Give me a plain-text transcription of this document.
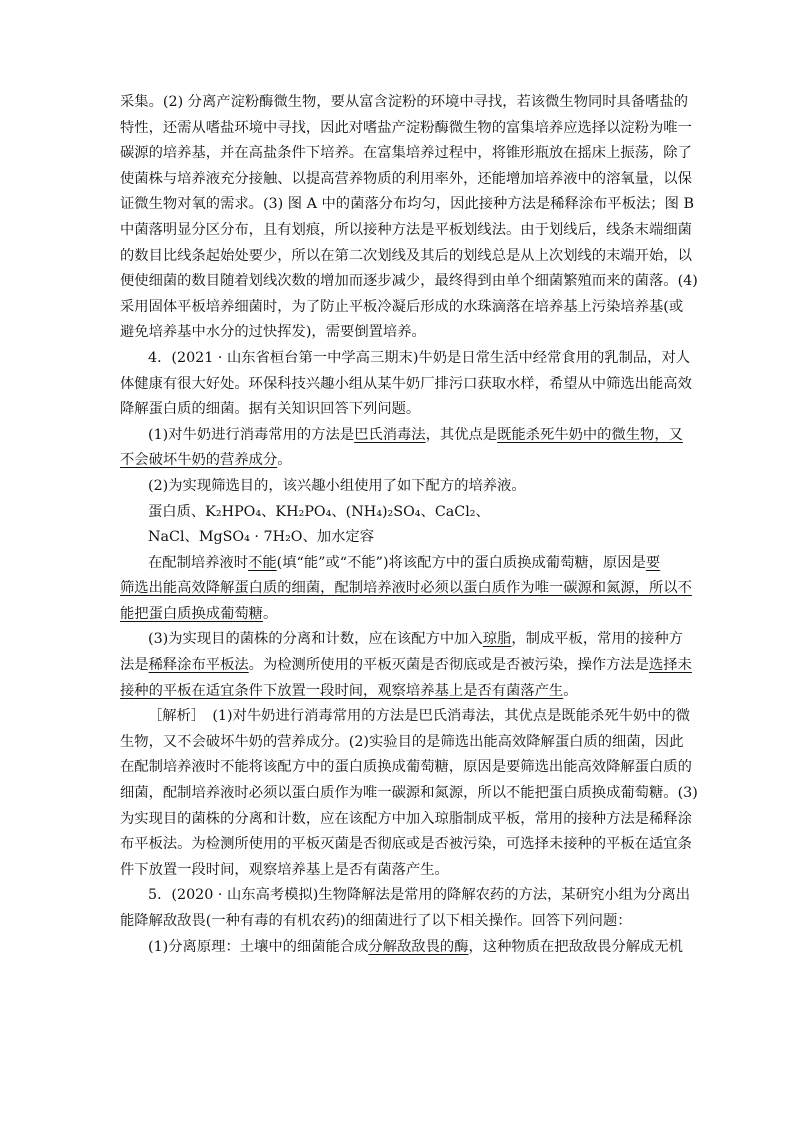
采集。(2) 分离产淀粉酶微生物，要从富含淀粉的环境中寻找，若该微生物同时具备嗜盐的
特性，还需从嗜盐环境中寻找，因此对嗜盐产淀粉酶微生物的富集培养应选择以淀粉为唯一
碳源的培养基，并在高盐条件下培养。在富集培养过程中，将锥形瓶放在摇床上振荡，除了
使菌株与培养液充分接触、以提高营养物质的利用率外，还能增加培养液中的溶氧量，以保
证微生物对氧的需求。(3) 图 A 中的菌落分布均匀，因此接种方法是稀释涂布平板法；图 B
中菌落明显分区分布，且有划痕，所以接种方法是平板划线法。由于划线后，线条末端细菌
的数目比线条起始处要少，所以在第二次划线及其后的划线总是从上次划线的末端开始，以
便使细菌的数目随着划线次数的增加而逐步减少，最终得到由单个细菌繁殖而来的菌落。(4)
采用固体平板培养细菌时，为了防止平板冷凝后形成的水珠滴落在培养基上污染培养基(或
避免培养基中水分的过快挥发)，需要倒置培养。
4．(2021 · 山东省桓台第一中学高三期末)牛奶是日常生活中经常食用的乳制品，对人
体健康有很大好处。环保科技兴趣小组从某牛奶厂排污口获取水样，希望从中筛选出能高效
降解蛋白质的细菌。据有关知识回答下列问题。
(1)对牛奶进行消毒常用的方法是巴氏消毒法，其优点是既能杀死牛奶中的微生物，又
不会破坏牛奶的营养成分。
(2)为实现筛选目的，该兴趣小组使用了如下配方的培养液。
蛋白质、K₂HPO₄、KH₂PO₄、(NH₄)₂SO₄、CaCl₂、
NaCl、MgSO₄ · 7H₂O、加水定容
在配制培养液时不能(填“能”或“不能”)将该配方中的蛋白质换成葡萄糖，原因是要
筛选出能高效降解蛋白质的细菌，配制培养液时必须以蛋白质作为唯一碳源和氮源，所以不
能把蛋白质换成葡萄糖。
(3)为实现目的菌株的分离和计数，应在该配方中加入琼脂，制成平板，常用的接种方
法是稀释涂布平板法。为检测所使用的平板灭菌是否彻底或是否被污染，操作方法是选择未
接种的平板在适宜条件下放置一段时间，观察培养基上是否有菌落产生。
［解析］　(1)对牛奶进行消毒常用的方法是巴氏消毒法，其优点是既能杀死牛奶中的微
生物，又不会破坏牛奶的营养成分。(2)实验目的是筛选出能高效降解蛋白质的细菌，因此
在配制培养液时不能将该配方中的蛋白质换成葡萄糖，原因是要筛选出能高效降解蛋白质的
细菌，配制培养液时必须以蛋白质作为唯一碳源和氮源，所以不能把蛋白质换成葡萄糖。(3)
为实现目的菌株的分离和计数，应在该配方中加入琼脂制成平板，常用的接种方法是稀释涂
布平板法。为检测所使用的平板灭菌是否彻底或是否被污染，可选择未接种的平板在适宜条
件下放置一段时间，观察培养基上是否有菌落产生。
5．(2020 · 山东高考模拟)生物降解法是常用的降解农药的方法，某研究小组为分离出
能降解敌敌畏(一种有毒的有机农药)的细菌进行了以下相关操作。回答下列问题：
(1)分离原理：土壤中的细菌能合成分解敌敌畏的酶，这种物质在把敌敌畏分解成无机
